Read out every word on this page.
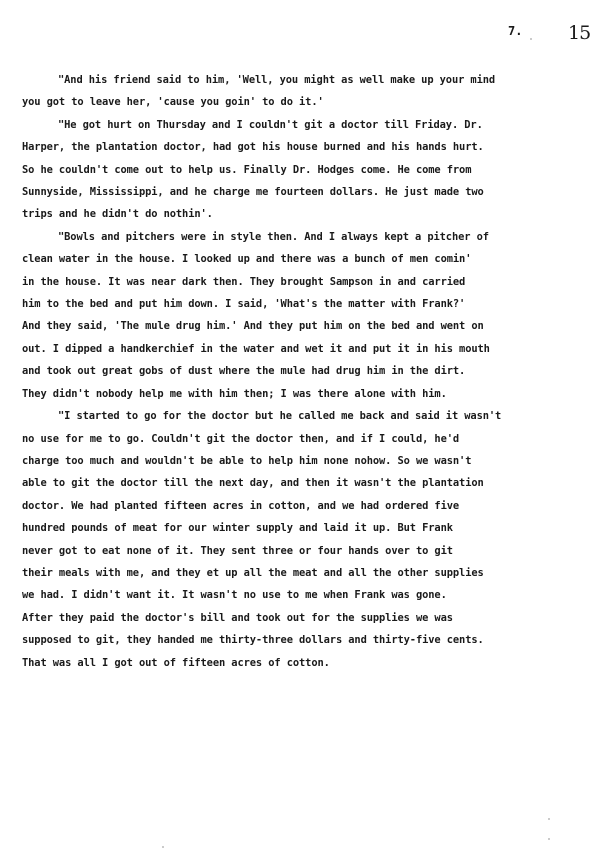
7. 15

"And his friend said to him, 'Well, you might as well make up your mind
you got to leave her, 'cause you goin' to do it.'

"He got hurt on Thursday and I couldn't git a doctor till Friday. Dr.
Harper, the plantation doctor, had got his house burned and his hands hurt.
So he couldn't come out to help us. Finally Dr. Hodges come. He come from
Sunnyside, Mississippi, and he charge me fourteen dollars. He just made two
trips and he didn't do nothin'.

"Bowls and pitchers were in style then. And I always kept a pitcher of
clean water in the house. I looked up and there was a bunch of men comin'
in the house. It was near dark then. They brought Sampson in and carried
him to the bed and put him down. I said, 'What's the matter with Frank?'
And they said, 'The mule drug him.' And they put him on the bed and went on
out. I dipped a handkerchief in the water and wet it and put it in his mouth
and took out great gobs of dust where the mule had drug him in the dirt.
They didn't nobody help me with him then; I was there alone with him.

"I started to go for the doctor but he called me back and said it wasn't
no use for me to go. Couldn't git the doctor then, and if I could, he'd
charge too much and wouldn't be able to help him none nohow. So we wasn't
able to git the doctor till the next day, and then it wasn't the plantation
doctor. We had planted fifteen acres in cotton, and we had ordered five
hundred pounds of meat for our winter supply and laid it up. But Frank
never got to eat none of it. They sent three or four hands over to git
their meals with me, and they et up all the meat and all the other supplies
we had. I didn't want it. It wasn't no use to me when Frank was gone.
After they paid the doctor's bill and took out for the supplies we was
supposed to git, they handed me thirty-three dollars and thirty-five cents.
That was all I got out of fifteen acres of cotton.
